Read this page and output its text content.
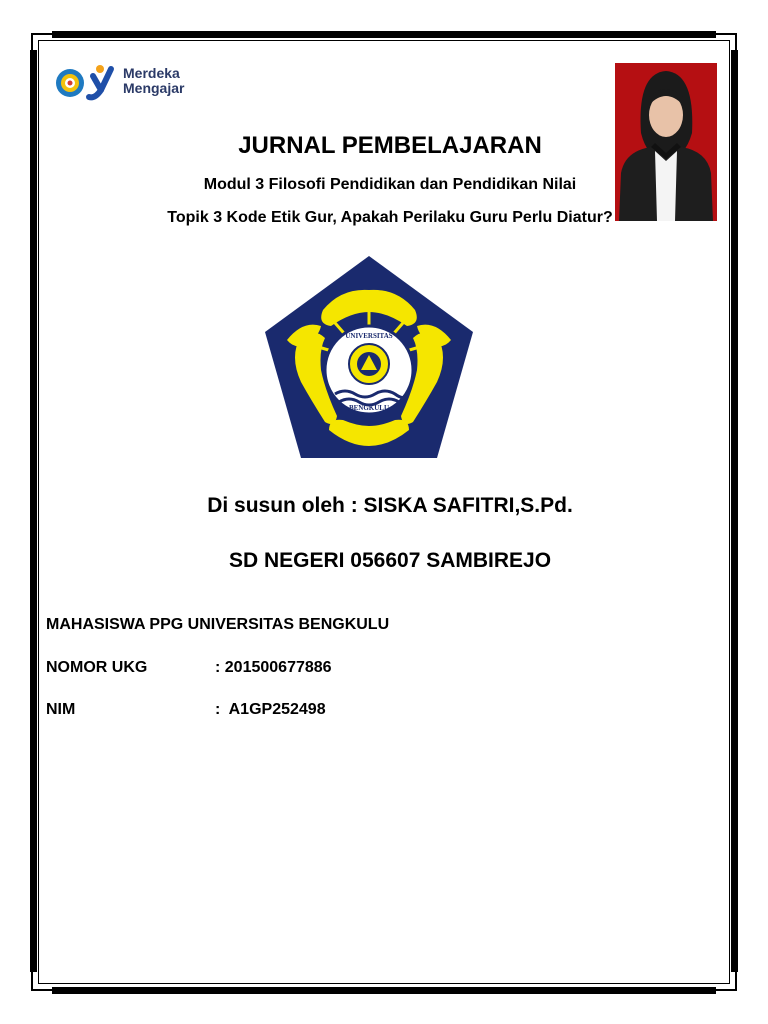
Merdeka
Mengajar
JURNAL PEMBELAJARAN
Modul 3 Filosofi Pendidikan dan Pendidikan Nilai
Topik 3 Kode Etik Gur, Apakah Perilaku Guru Perlu Diatur?
UNIVERSITAS
BENGKULU
Di susun oleh : SISKA SAFITRI,S.Pd.
SD NEGERI 056607 SAMBIREJO
MAHASISWA PPG UNIVERSITAS BENGKULU
NOMOR UKG	: 201500677886
NIM	:  A1GP252498
